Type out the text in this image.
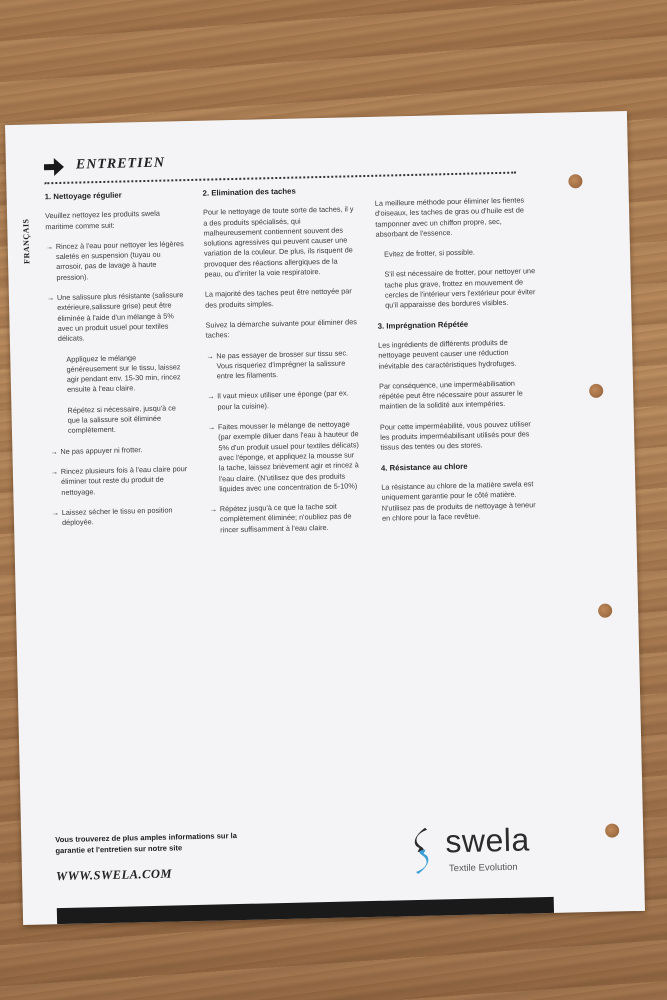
ENTRETIEN
FRANÇAIS
1. Nettoyage régulier
Veuillez nettoyez les produits swela maritime comme suit:
→ Rincez à l'eau pour nettoyer les légères saletés en suspension (tuyau ou arrosoir, pas de lavage à haute pression).
→ Une salissure plus résistante (salissure extérieure,salissure grise) peut être éliminée à l'aide d'un mélange à 5% avec un produit usuel pour textiles délicats.
Appliquez le mélange généreusement sur le tissu, laissez agir pendant env. 15-30 min, rincez ensuite à l'eau claire.
Répétez si nécessaire, jusqu'à ce que la salissure soit éliminée complètement.
→ Ne pas appuyer ni frotter.
→ Rincez plusieurs fois à l'eau claire pour éliminer tout reste du produit de nettoyage.
→ Laissez sécher le tissu en position déployée.
2. Elimination des taches
Pour le nettoyage de toute sorte de taches, il y a des produits spécialisés, qui malheureusement contiennent souvent des solutions agressives qui peuvent causer une variation de la couleur. De plus, ils risquent de provoquer des réactions allergiques de la peau, ou d'irriter la voie respiratoire.
La majorité des taches peut être nettoyée par des produits simples.
Suivez la démarche suivante pour éliminer des taches:
→ Ne pas essayer de brosser sur tissu sec. Vous risqueriez d'imprégner la salissure entre les filaments.
→ Il vaut mieux utiliser une éponge (par ex. pour la cuisine).
→ Faites mousser le mélange de nettoyage (par exemple diluer dans l'eau à hauteur de 5% d'un produit usuel pour textiles délicats) avec l'éponge, et appliquez la mousse sur la tache, laissez brièvement agir et rincez à l'eau claire. (N'utilisez que des produits liquides avec une concentration de 5-10%)
→ Répétez jusqu'à ce que la tache soit complètement éliminée; n'oubliez pas de rincer suffisamment à l'eau claire.
La meilleure méthode pour éliminer les fientes d'oiseaux, les taches de gras ou d'huile est de tamponner avec un chiffon propre, sec, absorbant de l'essence.
Evitez de frotter, si possible.
S'il est nécessaire de frotter, pour nettoyer une tache plus grave, frottez en mouvement de cercles de l'intérieur vers l'extérieur pour éviter qu'il apparaisse des bordures visibles.
3. Imprégnation Répétée
Les ingrédients de différents produits de nettoyage peuvent causer une réduction inévitable des caractéristiques hydrofuges.
Par conséquence, une imperméabilisation répétée peut être nécessaire pour assurer le maintien de la solidité aux intempéries.
Pour cette imperméabilité, vous pouvez utiliser les produits imperméabilisant utilisés pour des tissus des tentes ou des stores.
4. Résistance au chlore
La résistance au chlore de la matière swela est uniquement garantie pour le côté matière. N'utilisez pas de produits de nettoyage à teneur en chlore pour la face revêtue.
Vous trouverez de plus amples informations sur la garantie et l'entretien sur notre site
WWW.SWELA.COM
swela
Textile Evolution
